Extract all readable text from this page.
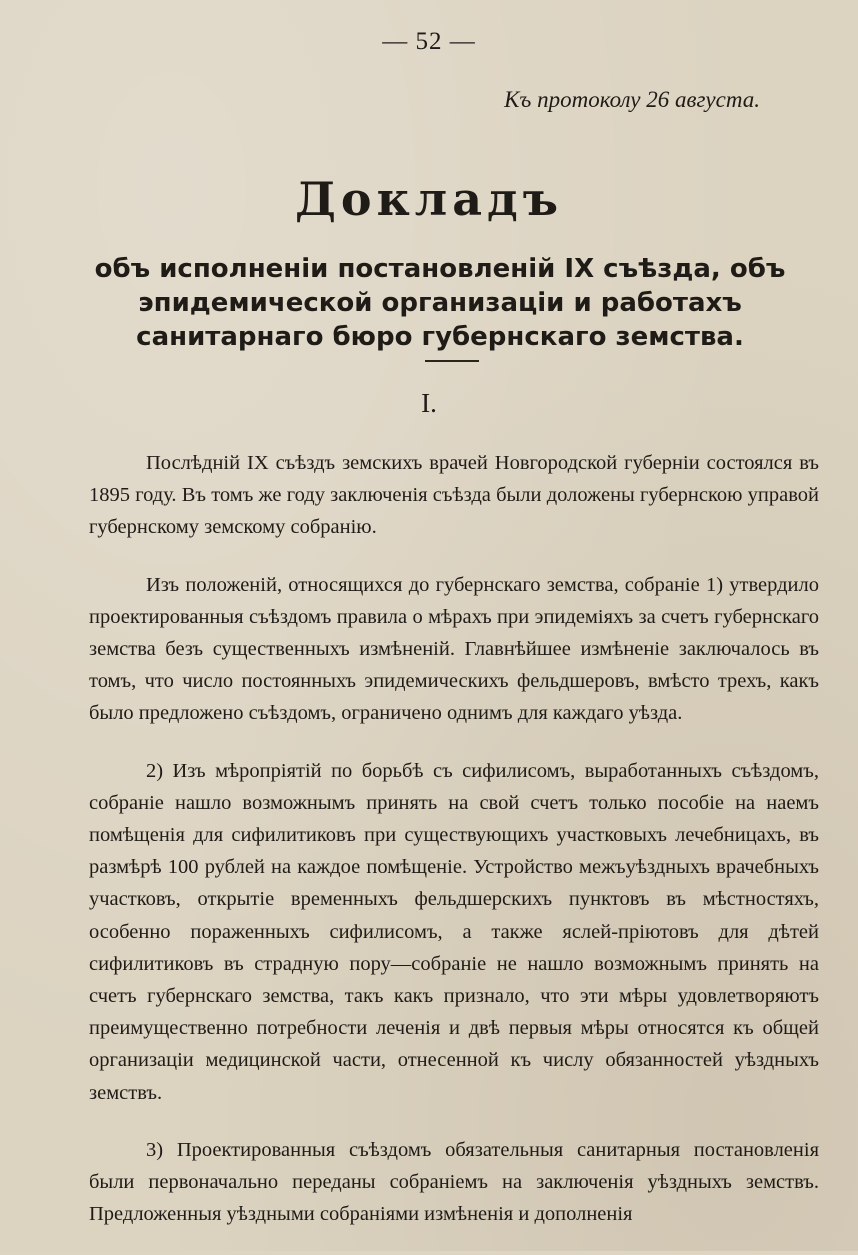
— 52 —
Къ протоколу 26 августа.
Докладъ
объ исполненіи постановленій IX съѣзда, объ эпидемической организаціи и работахъ санитарнаго бюро губернскаго земства.
I.

Послѣдній IX съѣздъ земскихъ врачей Новгородской губерніи состоялся въ 1895 году. Въ томъ же году заключенія съѣзда были доложены губернскою управой губернскому земскому собранію.

Изъ положеній, относящихся до губернскаго земства, собраніе 1) утвердило проектированныя съѣздомъ правила о мѣрахъ при эпидеміяхъ за счетъ губернскаго земства безъ существенныхъ измѣненій. Главнѣйшее измѣненіе заключалось въ томъ, что число постоянныхъ эпидемическихъ фельдшеровъ, вмѣсто трехъ, какъ было предложено съѣздомъ, ограничено однимъ для каждаго уѣзда.

2) Изъ мѣропріятій по борьбѣ съ сифилисомъ, выработанныхъ съѣздомъ, собраніе нашло возможнымъ принять на свой счетъ только пособіе на наемъ помѣщенія для сифилитиковъ при существующихъ участковыхъ лечебницахъ, въ размѣрѣ 100 рублей на каждое помѣщеніе. Устройство межъуѣздныхъ врачебныхъ участковъ, открытіе временныхъ фельдшерскихъ пунктовъ въ мѣстностяхъ, особенно пораженныхъ сифилисомъ, а также яслей-пріютовъ для дѣтей сифилитиковъ въ страдную пору—собраніе не нашло возможнымъ принять на счетъ губернскаго земства, такъ какъ признало, что эти мѣры удовлетворяютъ преимущественно потребности леченія и двѣ первыя мѣры относятся къ общей организаціи медицинской части, отнесенной къ числу обязанностей уѣздныхъ земствъ.

3) Проектированныя съѣздомъ обязательныя санитарныя постановленія были первоначально переданы собраніемъ на заключенія уѣздныхъ земствъ. Предложенныя уѣздными собраніями измѣненія и дополненія
